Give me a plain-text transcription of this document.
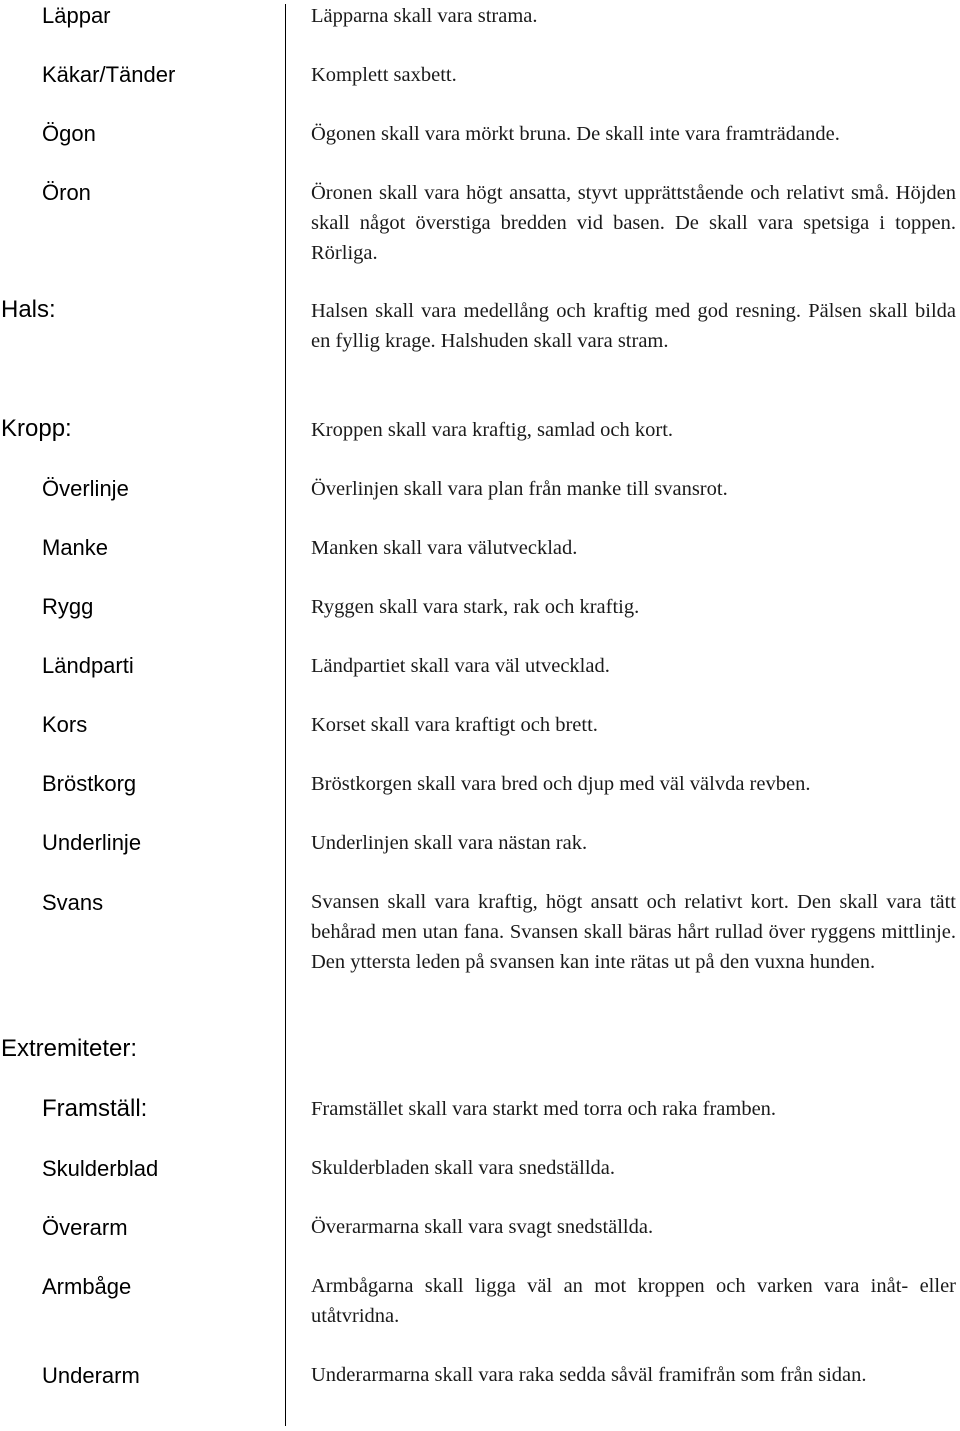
Läppar	Läpparna skall vara strama.
Käkar/Tänder	Komplett saxbett.
Ögon	Ögonen skall vara mörkt bruna. De skall inte vara framträdande.
Öron	Öronen skall vara högt ansatta, styvt upprättstående och relativt små. Höjden skall något överstiga bredden vid basen. De skall vara spetsiga i toppen. Rörliga.
Hals:	Halsen skall vara medellång och kraftig med god resning. Pälsen skall bilda en fyllig krage. Halshuden skall vara stram.
Kropp:	Kroppen skall vara kraftig, samlad och kort.
Överlinje	Överlinjen skall vara plan från manke till svansrot.
Manke	Manken skall vara välutvecklad.
Rygg	Ryggen skall vara stark, rak och kraftig.
Ländparti	Ländpartiet skall vara väl utvecklad.
Kors	Korset skall vara kraftigt och brett.
Bröstkorg	Bröstkorgen skall vara bred och djup med väl välvda revben.
Underlinje	Underlinjen skall vara nästan rak.
Svans	Svansen skall vara kraftig, högt ansatt och relativt kort. Den skall vara tätt behårad men utan fana. Svansen skall bäras hårt rullad över ryggens mittlinje. Den yttersta leden på svansen kan inte rätas ut på den vuxna hunden.
Extremiteter:
Framställ:	Framstället skall vara starkt med torra och raka framben.
Skulderblad	Skulderbladen skall vara snedställda.
Överarm	Överarmarna skall vara svagt snedställda.
Armbåge	Armbågarna skall ligga väl an mot kroppen och varken vara inåt- eller utåtvridna.
Underarm	Underarmarna skall vara raka sedda såväl framifrån som från sidan.
